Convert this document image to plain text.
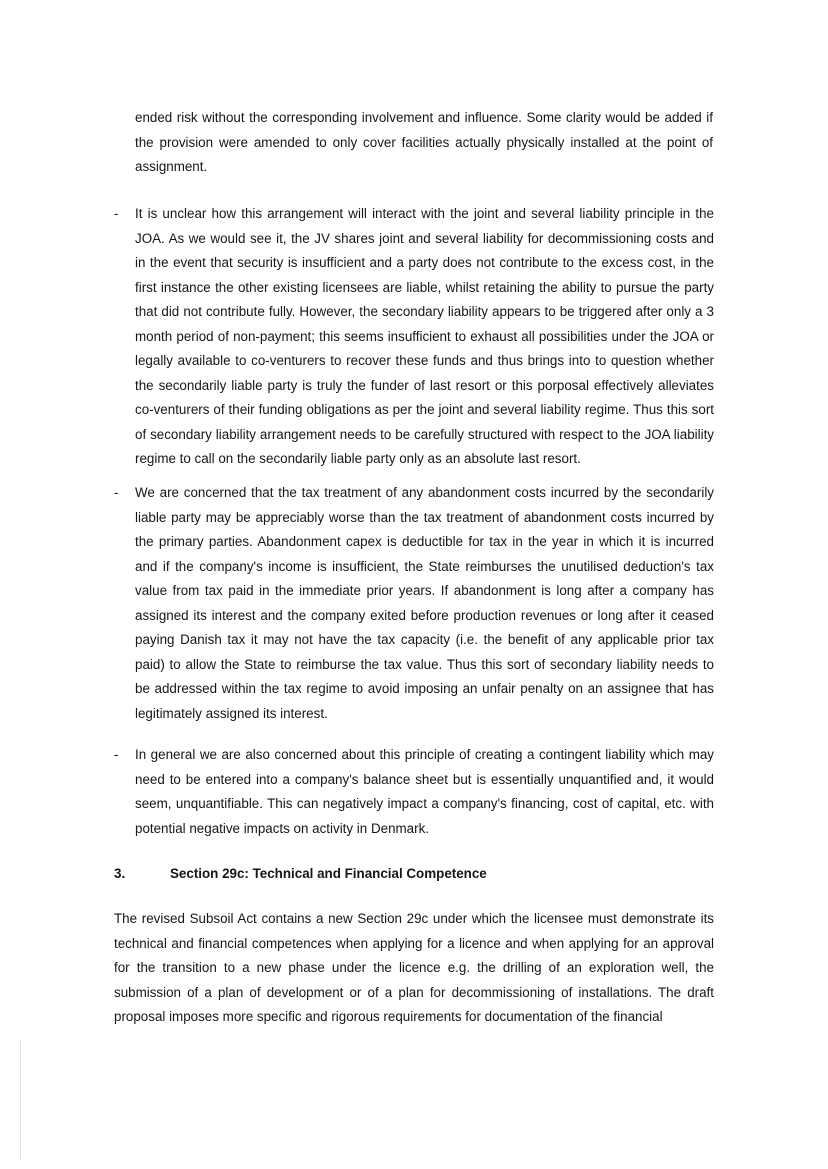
ended risk without the corresponding involvement and influence. Some clarity would be added if the provision were amended to only cover facilities actually physically installed at the point of assignment.

- It is unclear how this arrangement will interact with the joint and several liability principle in the JOA. As we would see it, the JV shares joint and several liability for decommissioning costs and in the event that security is insufficient and a party does not contribute to the excess cost, in the first instance the other existing licensees are liable, whilst retaining the ability to pursue the party that did not contribute fully. However, the secondary liability appears to be triggered after only a 3 month period of non-payment; this seems insufficient to exhaust all possibilities under the JOA or legally available to co-venturers to recover these funds and thus brings into to question whether the secondarily liable party is truly the funder of last resort or this porposal effectively alleviates co-venturers of their funding obligations as per the joint and several liability regime. Thus this sort of secondary liability arrangement needs to be carefully structured with respect to the JOA liability regime to call on the secondarily liable party only as an absolute last resort.

- We are concerned that the tax treatment of any abandonment costs incurred by the secondarily liable party may be appreciably worse than the tax treatment of abandonment costs incurred by the primary parties. Abandonment capex is deductible for tax in the year in which it is incurred and if the company's income is insufficient, the State reimburses the unutilised deduction's tax value from tax paid in the immediate prior years. If abandonment is long after a company has assigned its interest and the company exited before production revenues or long after it ceased paying Danish tax it may not have the tax capacity (i.e. the benefit of any applicable prior tax paid) to allow the State to reimburse the tax value. Thus this sort of secondary liability needs to be addressed within the tax regime to avoid imposing an unfair penalty on an assignee that has legitimately assigned its interest.

- In general we are also concerned about this principle of creating a contingent liability which may need to be entered into a company's balance sheet but is essentially unquantified and, it would seem, unquantifiable. This can negatively impact a company's financing, cost of capital, etc. with potential negative impacts on activity in Denmark.

3.	Section 29c: Technical and Financial Competence

The revised Subsoil Act contains a new Section 29c under which the licensee must demonstrate its technical and financial competences when applying for a licence and when applying for an approval for the transition to a new phase under the licence e.g. the drilling of an exploration well, the submission of a plan of development or of a plan for decommissioning of installations. The draft proposal imposes more specific and rigorous requirements for documentation of the financial
